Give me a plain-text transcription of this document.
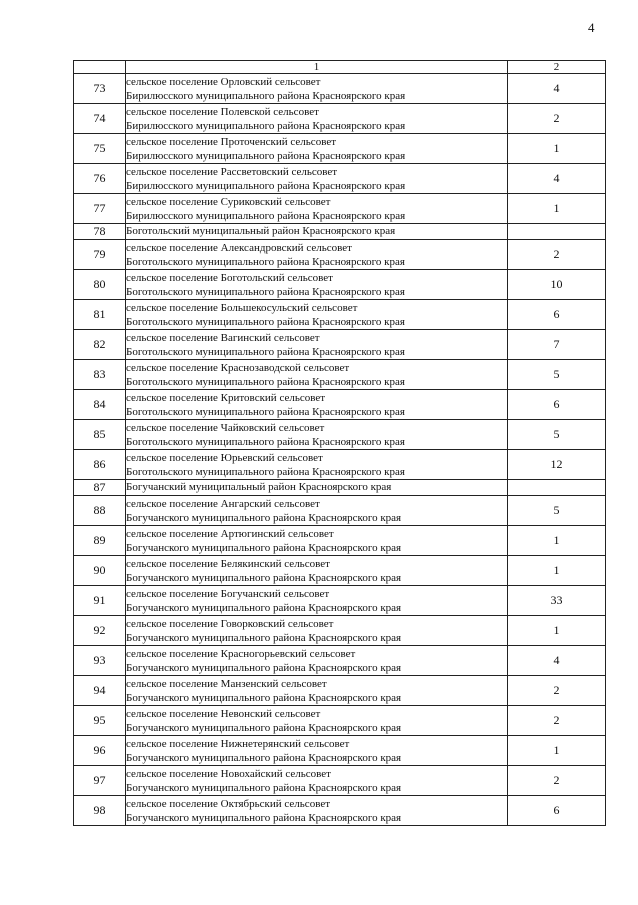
4
	1	2
73	сельское поселение Орловский сельсовет
Бирилюсского муниципального района Красноярского края	4
74	сельское поселение Полевской сельсовет
Бирилюсского муниципального района Красноярского края	2
75	сельское поселение Проточенский сельсовет
Бирилюсского муниципального района Красноярского края	1
76	сельское поселение Рассветовский сельсовет
Бирилюсского муниципального района Красноярского края	4
77	сельское поселение Суриковский сельсовет
Бирилюсского муниципального района Красноярского края	1
78	Боготольский муниципальный район Красноярского края	

79	сельское поселение Александровский сельсовет
Боготольского муниципального района Красноярского края	2
80	сельское поселение Боготольский сельсовет
Боготольского муниципального района Красноярского края	10
81	сельское поселение Большекосульский сельсовет
Боготольского муниципального района Красноярского края	6
82	сельское поселение Вагинский сельсовет
Боготольского муниципального района Красноярского края	7
83	сельское поселение Краснозаводской сельсовет
Боготольского муниципального района Красноярского края	5
84	сельское поселение Критовский сельсовет
Боготольского муниципального района Красноярского края	6
85	сельское поселение Чайковский сельсовет
Боготольского муниципального района Красноярского края	5
86	сельское поселение Юрьевский сельсовет
Боготольского муниципального района Красноярского края	12
87	Богучанский муниципальный район Красноярского края	

88	сельское поселение Ангарский сельсовет
Богучанского муниципального района Красноярского края	5
89	сельское поселение Артюгинский сельсовет
Богучанского муниципального района Красноярского края	1
90	сельское поселение Белякинский сельсовет
Богучанского муниципального района Красноярского края	1
91	сельское поселение Богучанский сельсовет
Богучанского муниципального района Красноярского края	33
92	сельское поселение Говорковский сельсовет
Богучанского муниципального района Красноярского края	1
93	сельское поселение Красногорьевский сельсовет
Богучанского муниципального района Красноярского края	4
94	сельское поселение Манзенский сельсовет
Богучанского муниципального района Красноярского края	2
95	сельское поселение Невонский сельсовет
Богучанского муниципального района Красноярского края	2
96	сельское поселение Нижнетерянский сельсовет
Богучанского муниципального района Красноярского края	1
97	сельское поселение Новохайский сельсовет
Богучанского муниципального района Красноярского края	2
98	сельское поселение Октябрьский сельсовет
Богучанского муниципального района Красноярского края	6
